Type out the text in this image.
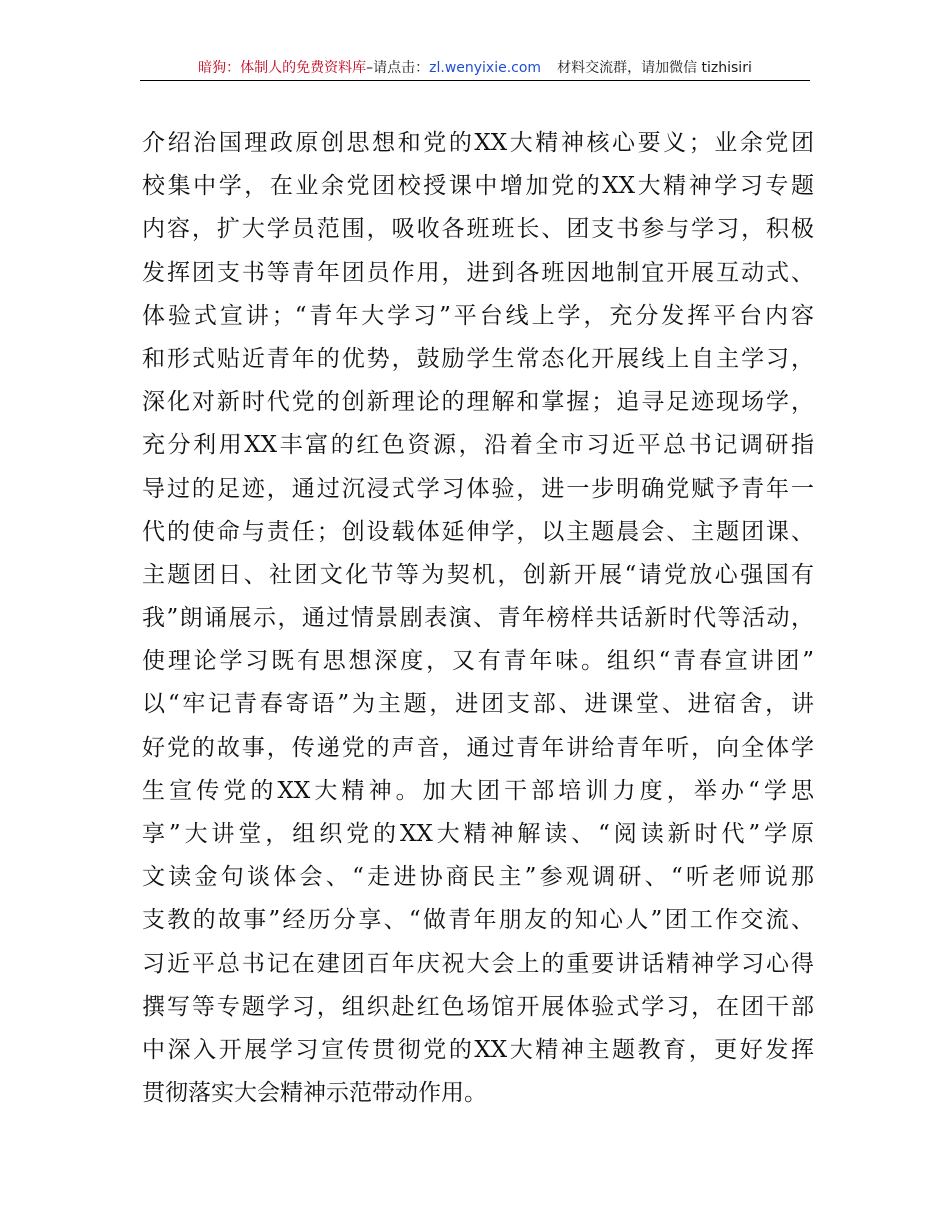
暗狗：体制人的免费资料库–请点击：zl.wenyixie.com 材料交流群，请加微信 tizhisiri
介绍治国理政原创思想和党的XX大精神核心要义；业余党团
校集中学，在业余党团校授课中增加党的XX大精神学习专题
内容，扩大学员范围，吸收各班班长、团支书参与学习，积极
发挥团支书等青年团员作用，进到各班因地制宜开展互动式、
体验式宣讲；“青年大学习”平台线上学，充分发挥平台内容
和形式贴近青年的优势，鼓励学生常态化开展线上自主学习，
深化对新时代党的创新理论的理解和掌握；追寻足迹现场学，
充分利用XX丰富的红色资源，沿着全市习近平总书记调研指
导过的足迹，通过沉浸式学习体验，进一步明确党赋予青年一
代的使命与责任；创设载体延伸学，以主题晨会、主题团课、
主题团日、社团文化节等为契机，创新开展“请党放心强国有
我”朗诵展示，通过情景剧表演、青年榜样共话新时代等活动，
使理论学习既有思想深度，又有青年味。组织“青春宣讲团”
以“牢记青春寄语”为主题，进团支部、进课堂、进宿舍，讲
好党的故事，传递党的声音，通过青年讲给青年听，向全体学
生宣传党的XX大精神。加大团干部培训力度，举办“学思
享”大讲堂，组织党的XX大精神解读、“阅读新时代”学原
文读金句谈体会、“走进协商民主”参观调研、“听老师说那
支教的故事”经历分享、“做青年朋友的知心人”团工作交流、
习近平总书记在建团百年庆祝大会上的重要讲话精神学习心得
撰写等专题学习，组织赴红色场馆开展体验式学习，在团干部
中深入开展学习宣传贯彻党的XX大精神主题教育，更好发挥
贯彻落实大会精神示范带动作用。
